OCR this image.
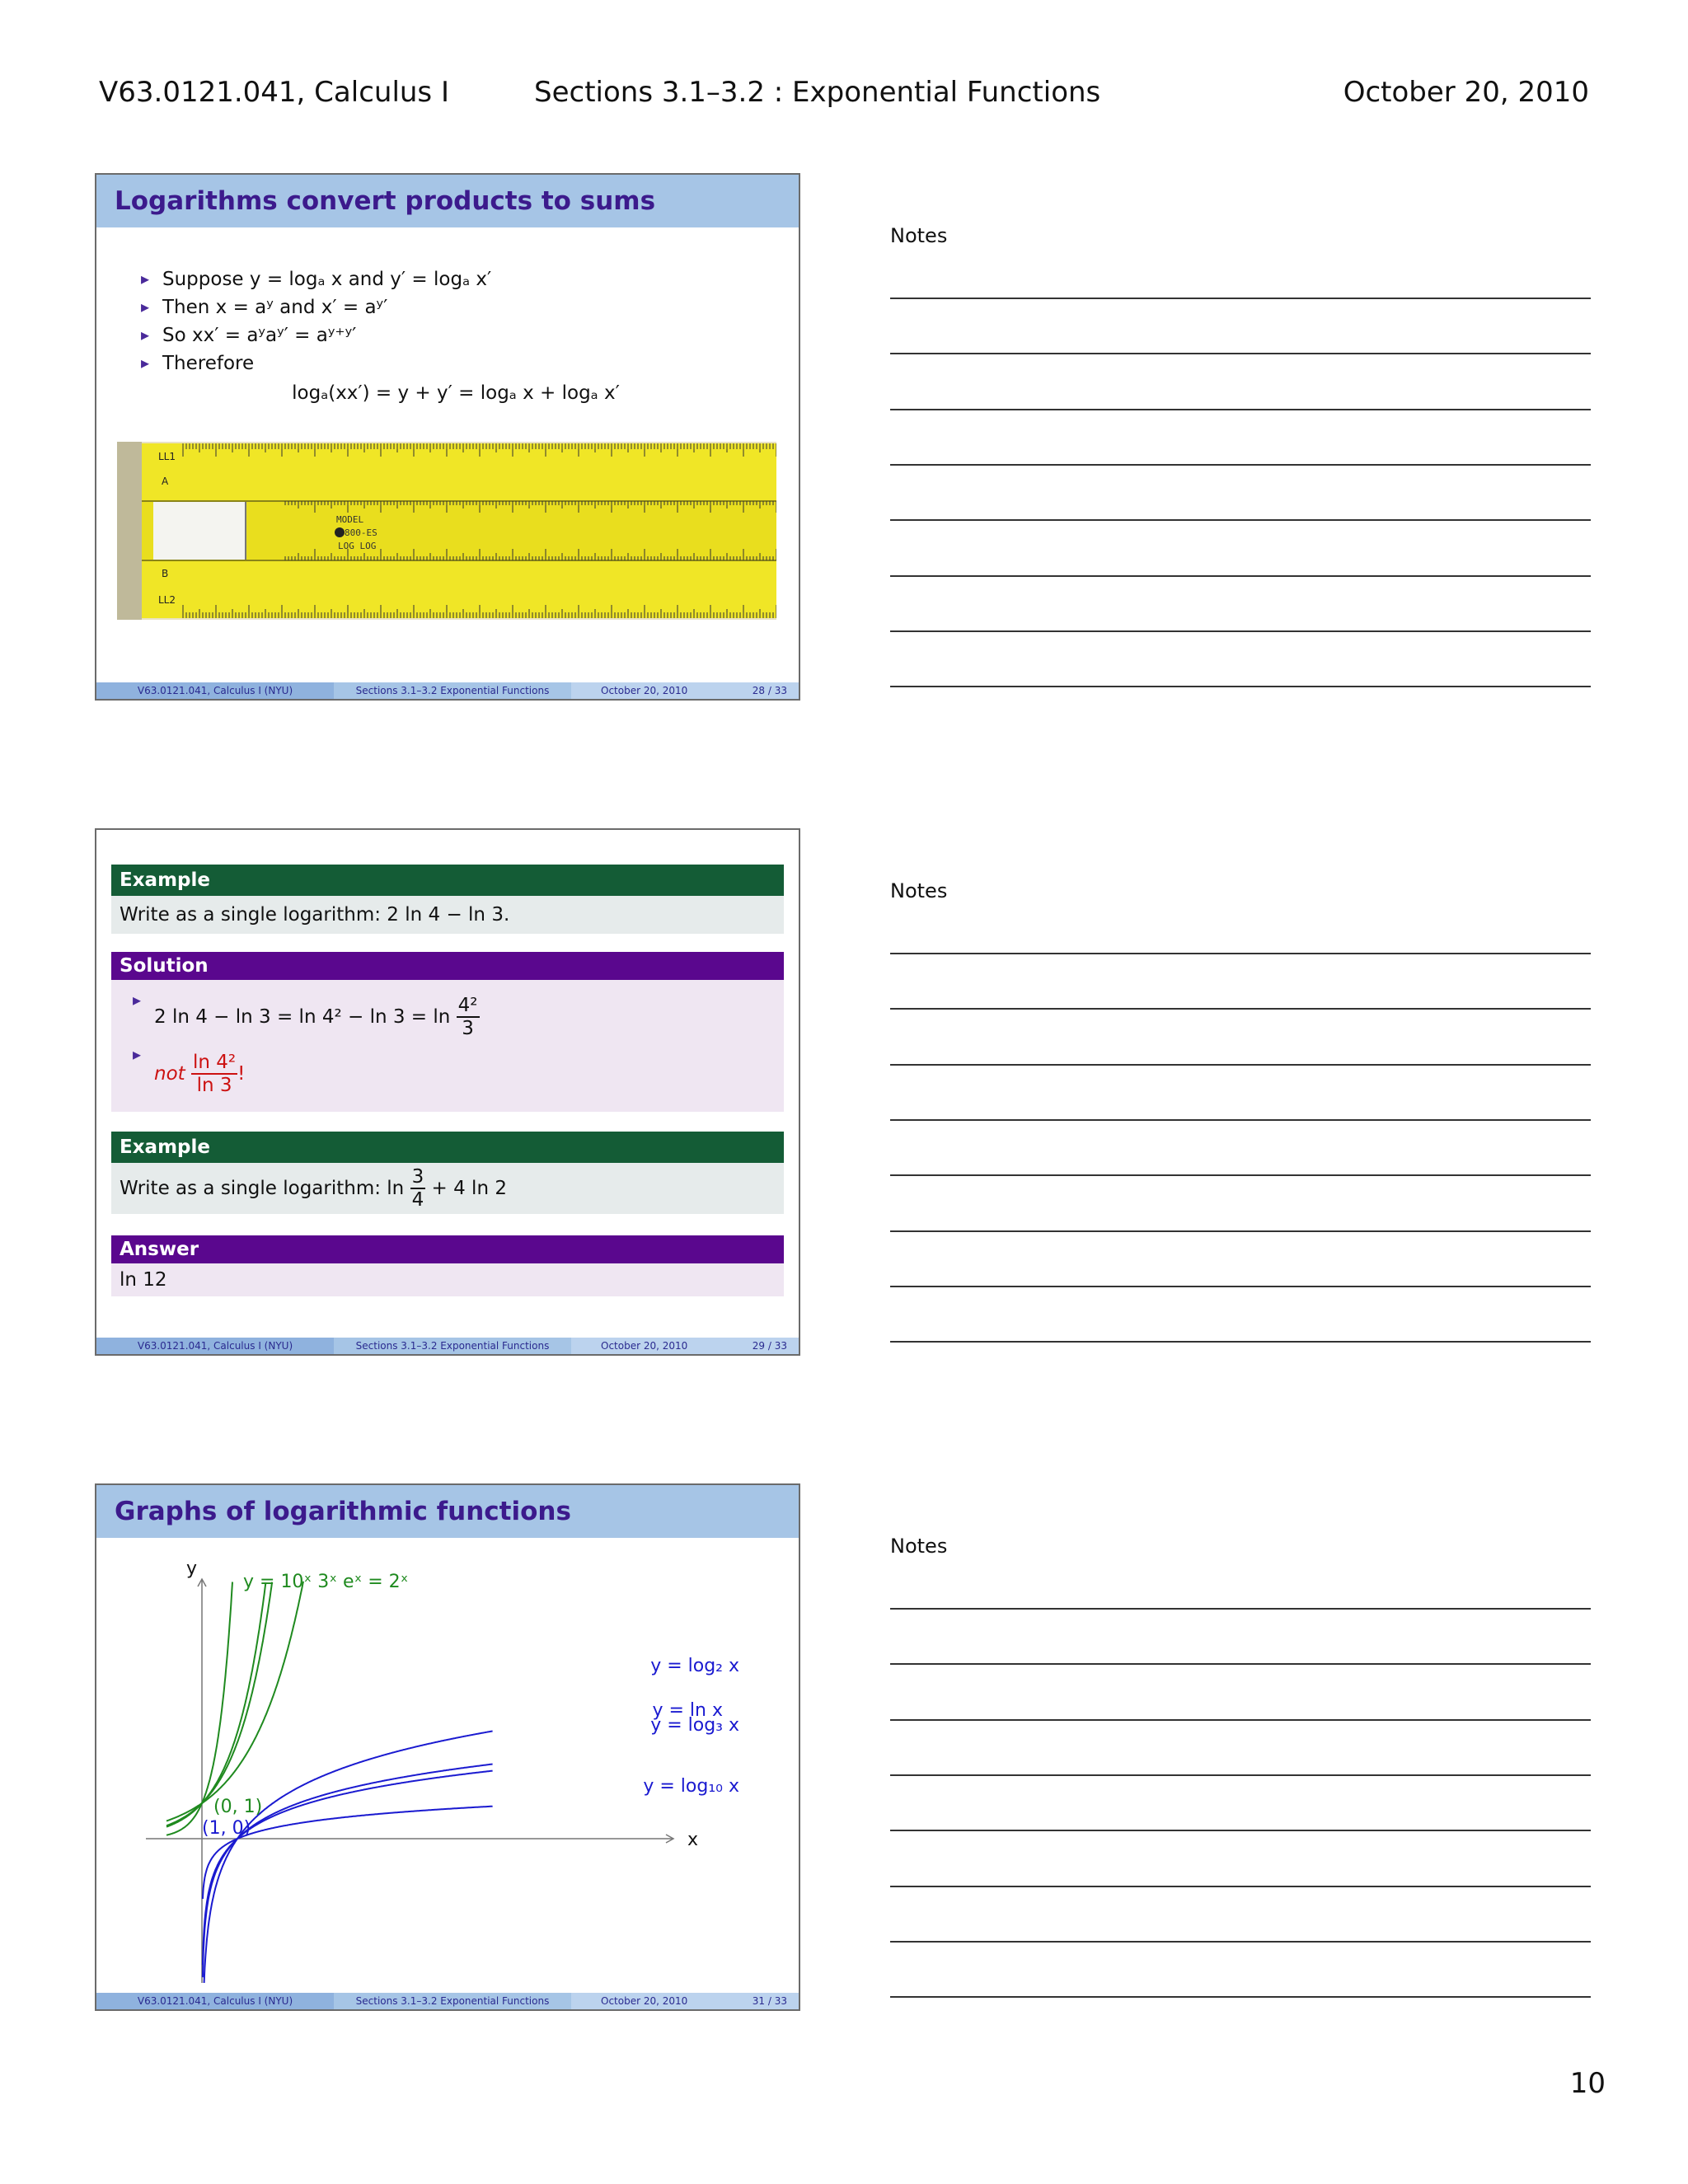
V63.0121.041, Calculus I	Sections 3.1–3.2 : Exponential Functions	October 20, 2010
Logarithms convert products to sums
▸ Suppose y = logₐ x and y′ = logₐ x′
▸ Then x = aʸ and x′ = aʸ′
▸ So xx′ = aʸaʸ′ = aʸ⁺ʸ′
▸ Therefore
logₐ(xx′) = y + y′ = logₐ x + logₐ x′
LL1
A
B
LL2
MODEL
800-ES
LOG LOG
V63.0121.041, Calculus I (NYU)	Sections 3.1–3.2 Exponential Functions	October 20, 2010	28 / 33
Notes
Example
Write as a single logarithm: 2 ln 4 − ln 3.
Solution
▸ 2 ln 4 − ln 3 = ln 4² − ln 3 = ln
$\frac{\text{4²}}{3}$
▸ not
$\frac{\text{ln 4²}}{\ln 3}$ !
Example
Write as a single logarithm: ln
$\frac{3}{4}$
+ 4 ln 2
Answer
ln 12
V63.0121.041, Calculus I (NYU)	Sections 3.1–3.2 Exponential Functions	October 20, 2010	29 / 33
Notes
Graphs of logarithmic functions
y
x
y = 10ˣ 3ˣ eˣ = 2ˣ
y = log₂ x
y = ln x
y = log₃ x
y = log₁₀ x
(0, 1)
(1, 0)
V63.0121.041, Calculus I (NYU)	Sections 3.1–3.2 Exponential Functions	October 20, 2010	31 / 33
Notes
10
